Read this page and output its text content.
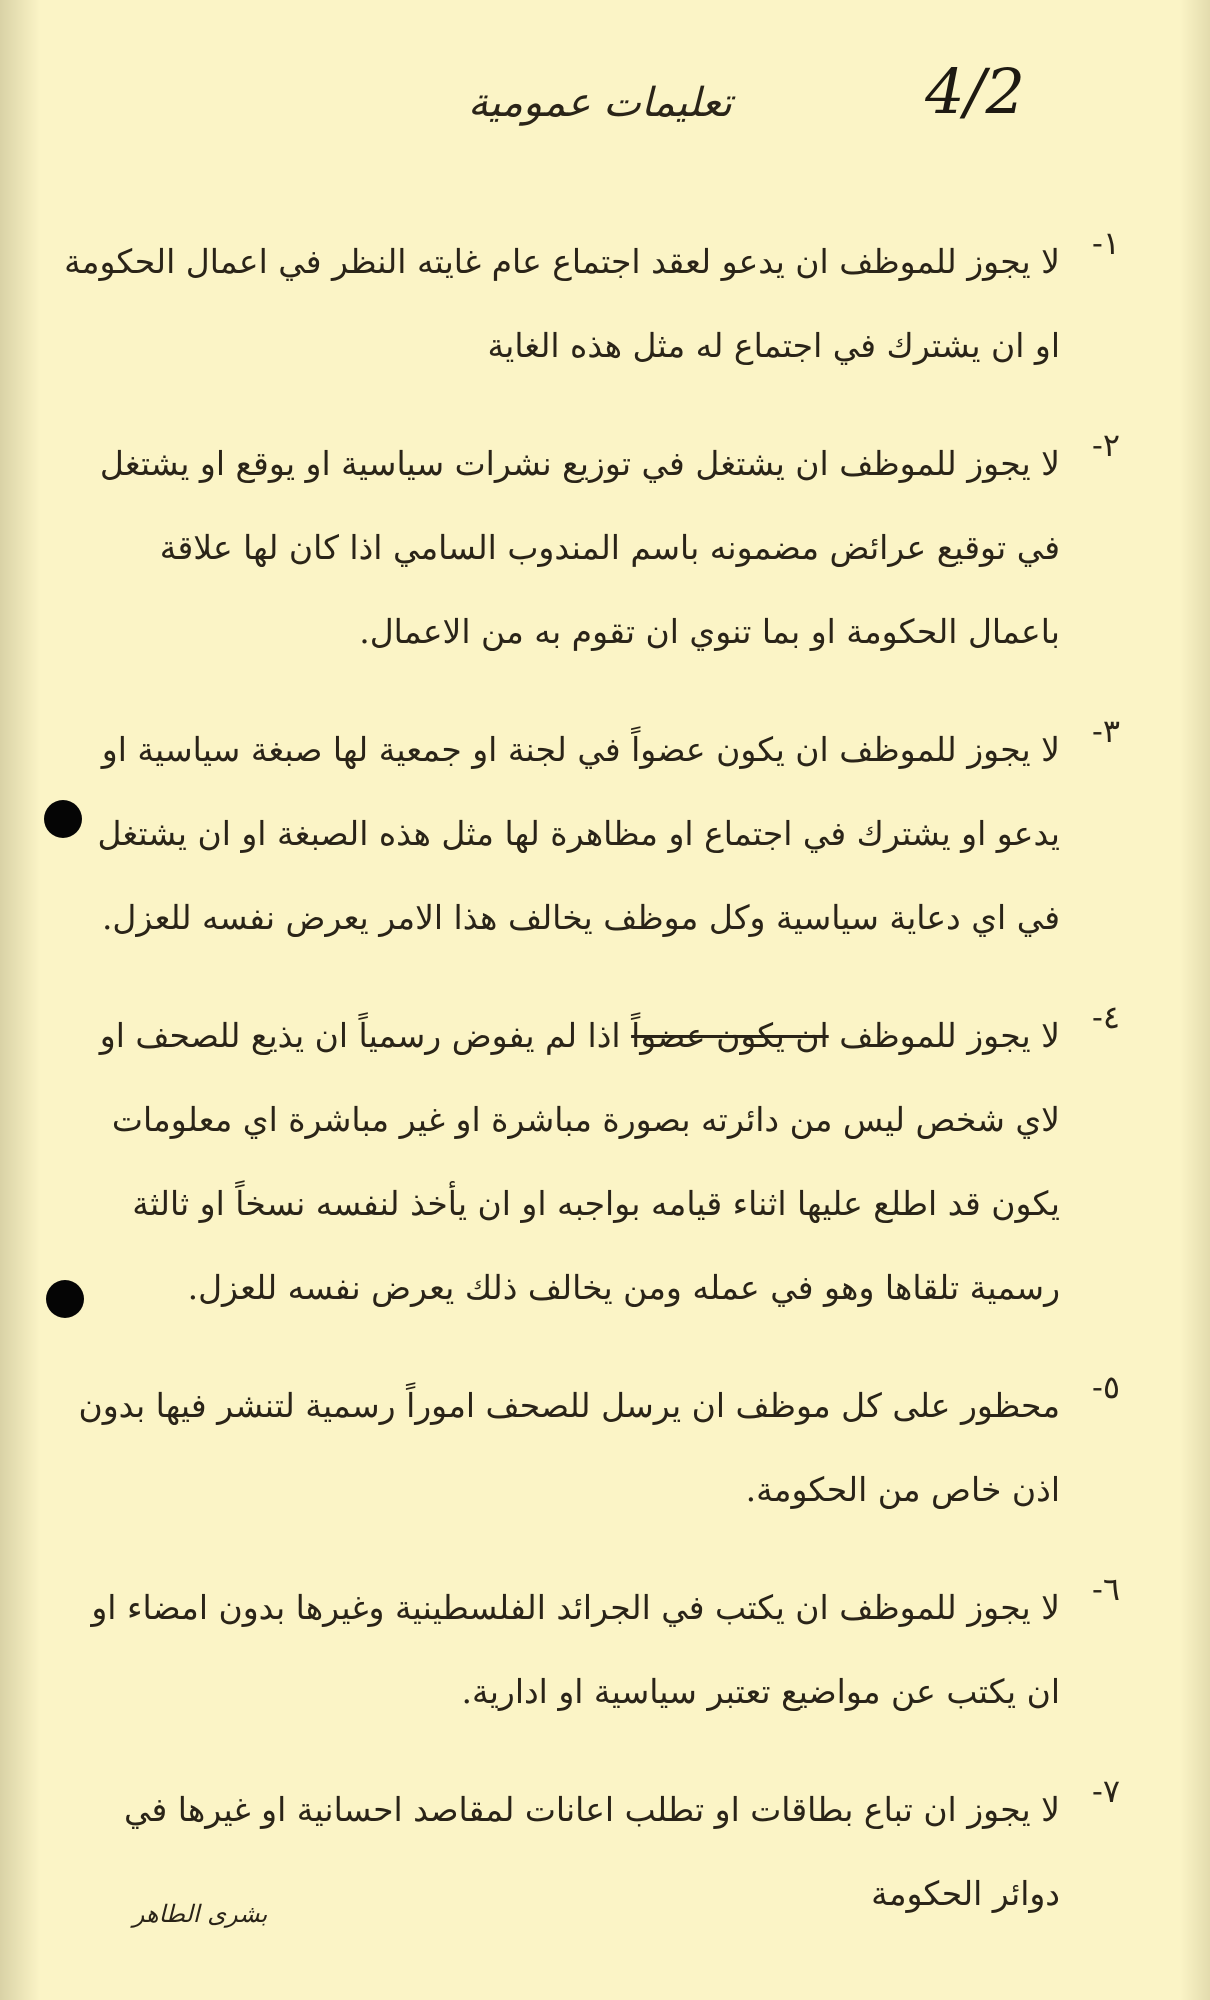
تعليمات عمومية	4/2
١-
لا يجوز للموظف ان يدعو لعقد اجتماع عام غايته النظر في اعمال الحكومة او ان يشترك في اجتماع له مثل هذه الغاية
٢-
لا يجوز للموظف ان يشتغل في توزيع نشرات سياسية او يوقع او يشتغل في توقيع عرائض مضمونه باسم المندوب السامي اذا كان لها علاقة باعمال الحكومة او بما تنوي ان تقوم به من الاعمال.
٣-
لا يجوز للموظف ان يكون عضواً في لجنة او جمعية لها صبغة سياسية او يدعو او يشترك في اجتماع او مظاهرة لها مثل هذه الصبغة او ان يشتغل في اي دعاية سياسية وكل موظف يخالف هذا الامر يعرض نفسه للعزل.
٤-
لا يجوز للموظف ان يكون عضواً اذا لم يفوض رسمياً ان يذيع للصحف او لاي شخص ليس من دائرته بصورة مباشرة او غير مباشرة اي معلومات يكون قد اطلع عليها اثناء قيامه بواجبه او ان يأخذ لنفسه نسخاً او ثالثة رسمية تلقاها وهو في عمله ومن يخالف ذلك يعرض نفسه للعزل.
٥-
محظور على كل موظف ان يرسل للصحف اموراً رسمية لتنشر فيها بدون اذن خاص من الحكومة.
٦-
لا يجوز للموظف ان يكتب في الجرائد الفلسطينية وغيرها بدون امضاء او ان يكتب عن مواضيع تعتبر سياسية او ادارية.
٧-
لا يجوز ان تباع بطاقات او تطلب اعانات لمقاصد احسانية او غيرها في دوائر الحكومة
بشرى الطاهر
